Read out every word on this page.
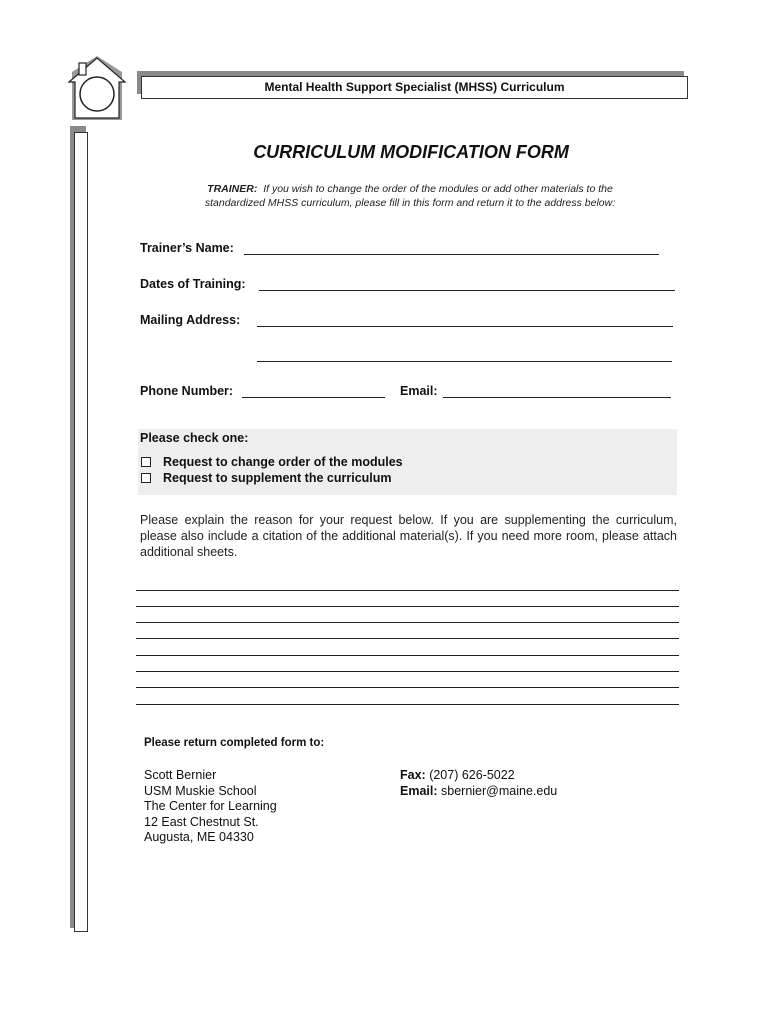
Mental Health Support Specialist (MHSS) Curriculum
CURRICULUM MODIFICATION FORM
TRAINER: If you wish to change the order of the modules or add other materials to the standardized MHSS curriculum, please fill in this form and return it to the address below:
Trainer’s Name:
Dates of Training:
Mailing Address:
Phone Number:	Email:
Please check one:
Request to change order of the modules
Request to supplement the curriculum
Please explain the reason for your request below. If you are supplementing the curriculum, please also include a citation of the additional material(s). If you need more room, please attach additional sheets.
Please return completed form to:
Scott Bernier
USM Muskie School
The Center for Learning
12 East Chestnut St.
Augusta, ME 04330
Fax: (207) 626-5022
Email: sbernier@maine.edu
